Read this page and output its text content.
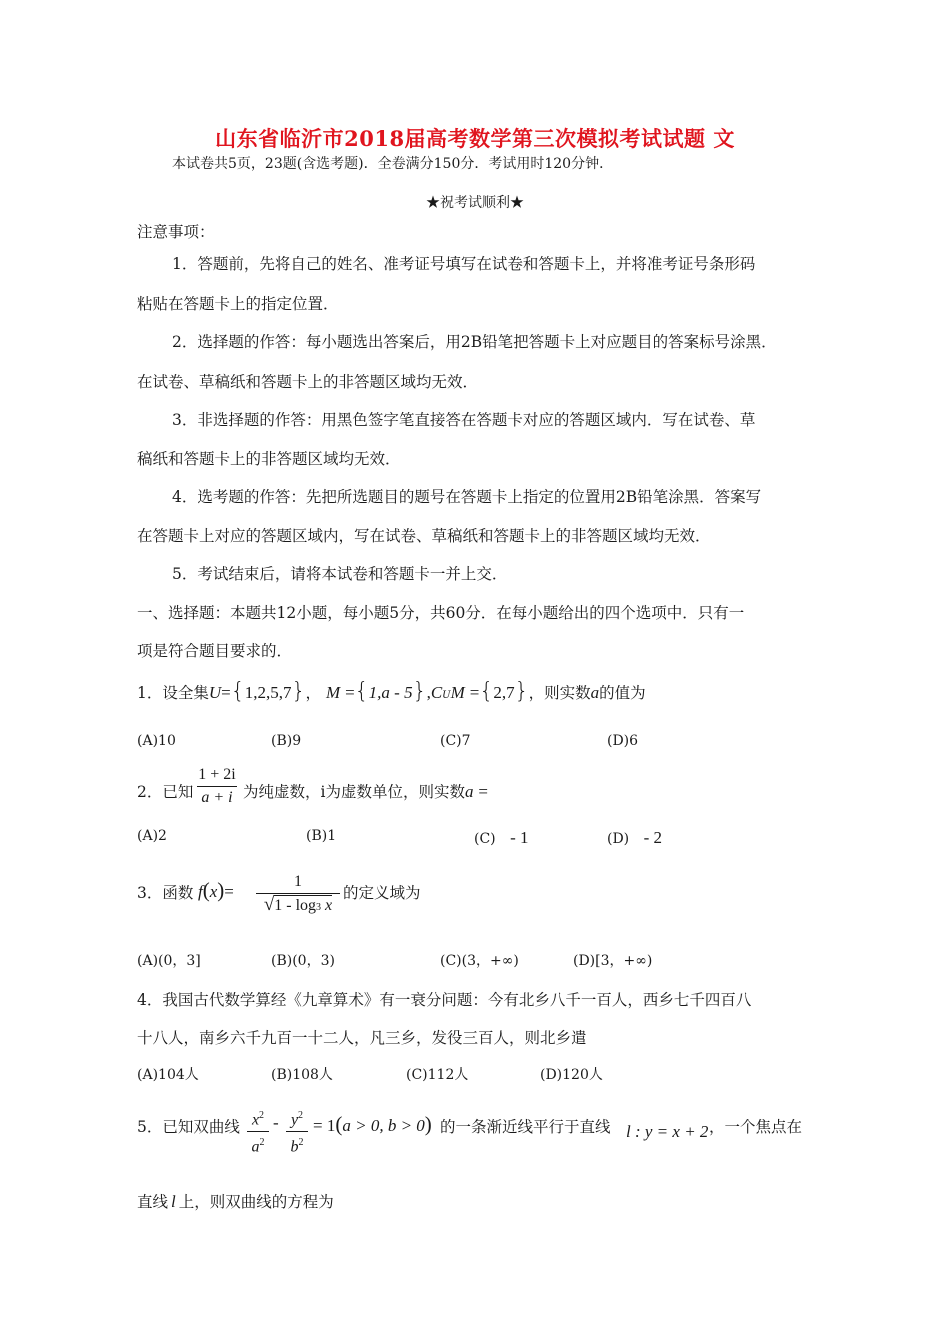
山东省临沂市2018届高考数学第三次模拟考试试题 文
本试卷共5页，23题(含选考题)．全卷满分150分．考试用时120分钟．
★祝考试顺利★
注意事项：
1．答题前，先将自己的姓名、准考证号填写在试卷和答题卡上，并将准考证号条形码
粘贴在答题卡上的指定位置．
2．选择题的作答：每小题选出答案后，用2B铅笔把答题卡上对应题目的答案标号涂黑．
在试卷、草稿纸和答题卡上的非答题区域均无效．
3．非选择题的作答：用黑色签字笔直接答在答题卡对应的答题区域内．写在试卷、草
稿纸和答题卡上的非答题区域均无效．
4．选考题的作答：先把所选题目的题号在答题卡上指定的位置用2B铅笔涂黑．答案写
在答题卡上对应的答题区域内，写在试卷、草稿纸和答题卡上的非答题区域均无效．
5．考试结束后，请将本试卷和答题卡一并上交．
一、选择题：本题共12小题，每小题5分，共60分．在每小题给出的四个选项中．只有一
项是符合题目要求的．
1．设全集U={1,2,5,7}， M ={1,a - 5},CUM ={2,7}，则实数a的值为
(A)10	(B)9	(C)7	(D)6
2．已知
1 + 2i
a + i 为纯虚数，i为虚数单位，则实数a =
(A)2	(B)1	(C) - 1	(D) - 2
3．函数 f(x)=
1
√1 - log3 x
的定义域为
(A)(0，3]	(B)(0，3)	(C)(3，+∞)	(D)[3，+∞)
4．我国古代数学算经《九章算术》有一衰分问题：今有北乡八千一百人，西乡七千四百八
十八人，南乡六千九百一十二人，凡三乡，发役三百人，则北乡遣
(A)104人	(B)108人	(C)112人	(D)120人
5．已知双曲线 $x^2$
$a^2$
- $y^2$
$b^2$
= 1(a > 0, b > 0) 的一条渐近线平行于直线 l : y = x + 2 ，一个焦点在
直线 l 上，则双曲线的方程为
